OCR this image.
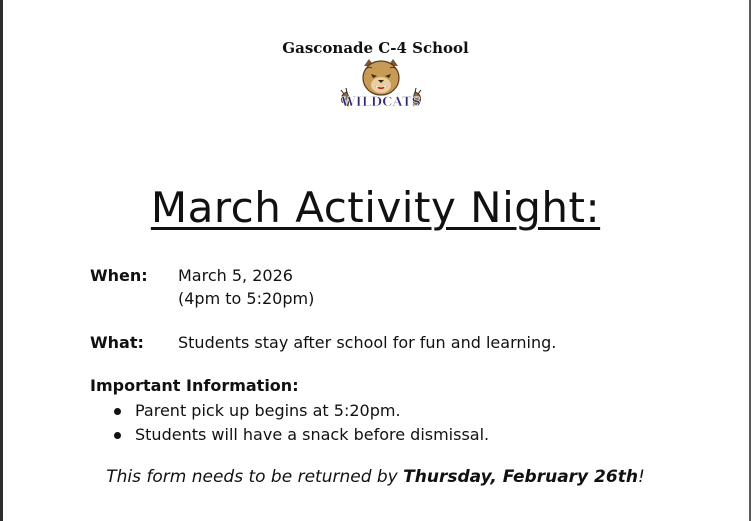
Gasconade C-4 School
WILDCATS
March Activity Night:
When: March 5, 2026
(4pm to 5:20pm)
What: Students stay after school for fun and learning.
Important Information:
Parent pick up begins at 5:20pm.
Students will have a snack before dismissal.
This form needs to be returned by Thursday, February 26th!
